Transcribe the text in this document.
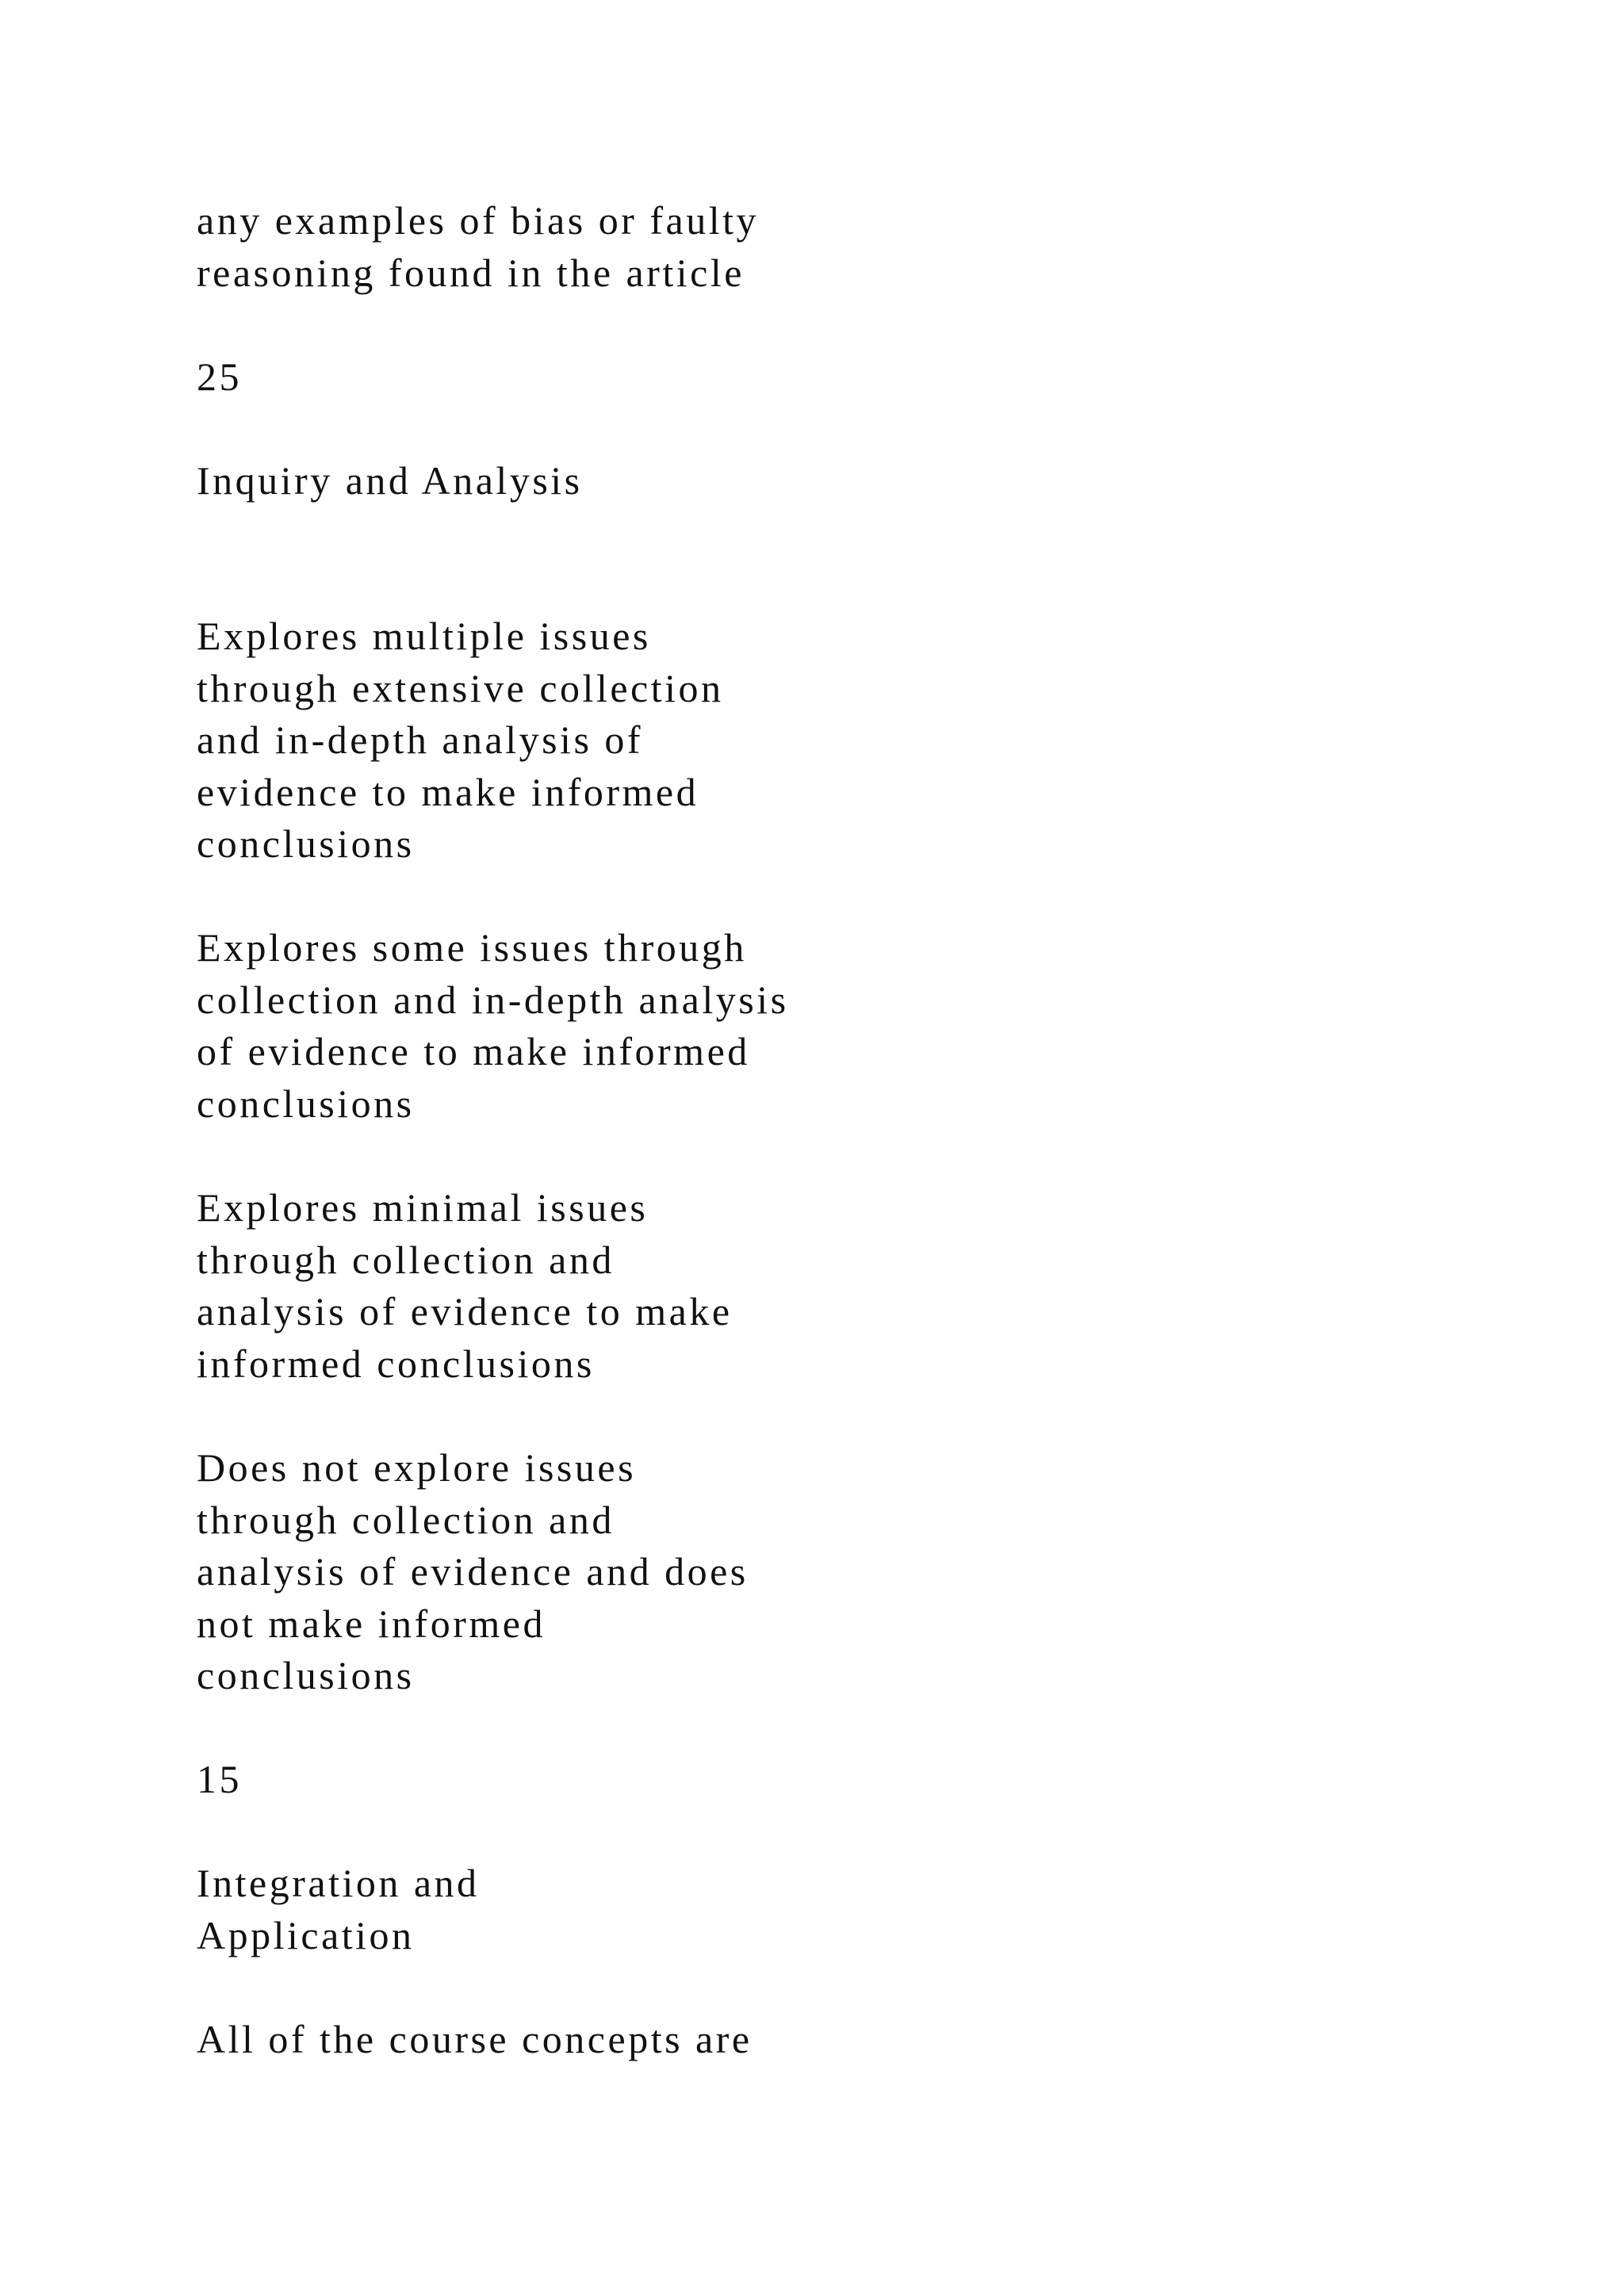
any examples of bias or faulty
reasoning found in the article

25

Inquiry and Analysis

Explores multiple issues
through extensive collection
and in-depth analysis of
evidence to make informed
conclusions

Explores some issues through
collection and in-depth analysis
of evidence to make informed
conclusions

Explores minimal issues
through collection and
analysis of evidence to make
informed conclusions

Does not explore issues
through collection and
analysis of evidence and does
not make informed
conclusions

15

Integration and
Application

All of the course concepts are
